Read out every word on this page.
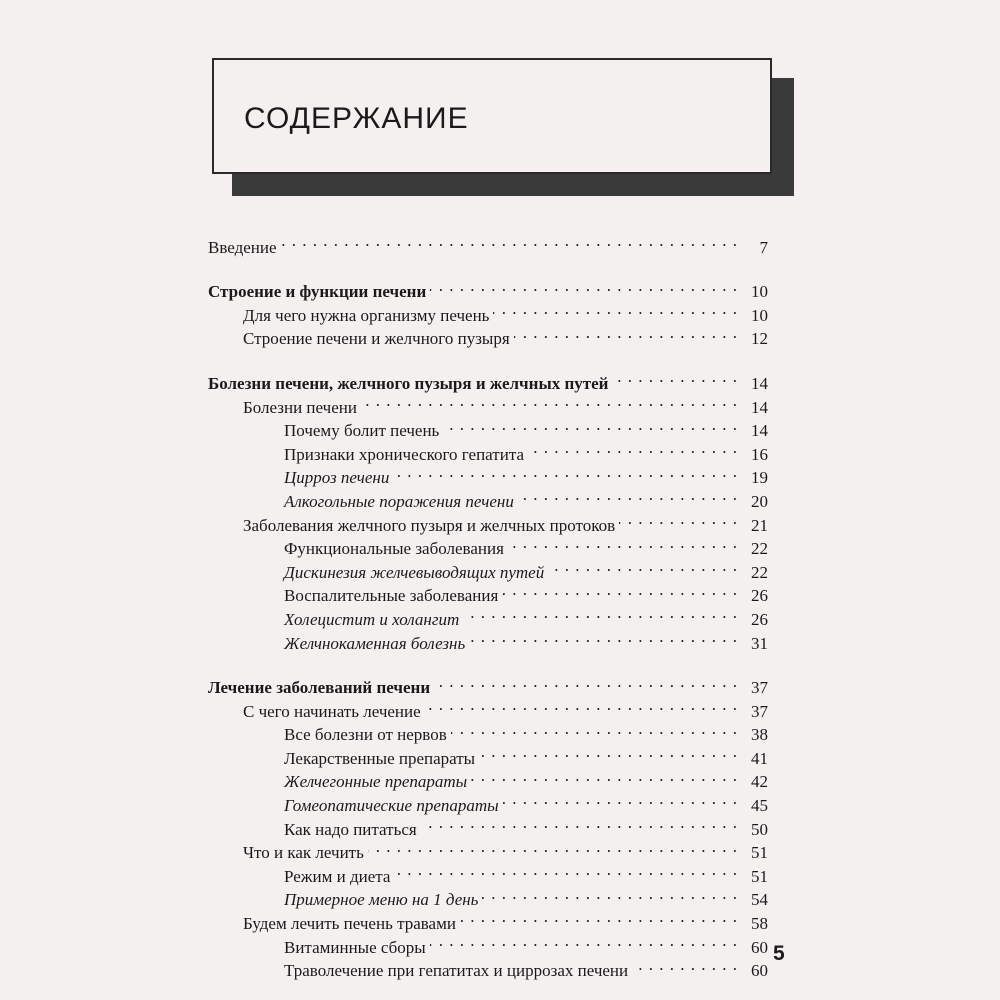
СОДЕРЖАНИЕ
Введение . . .	7
Строение и функции печени . . .	10
Для чего нужна организму печень . . .	10
Строение печени и желчного пузыря . . .	12
Болезни печени, желчного пузыря и желчных путей . . .	14
Болезни печени . . .	14
Почему болит печень . . .	14
Признаки хронического гепатита . . .	16
Цирроз печени . . .	19
Алкогольные поражения печени . . .	20
Заболевания желчного пузыря и желчных протоков . . .	21
Функциональные заболевания . . .	22
Дискинезия желчевыводящих путей . . .	22
Воспалительные заболевания . . .	26
Холецистит и холангит . . .	26
Желчнокаменная болезнь . . .	31
Лечение заболеваний печени . . .	37
С чего начинать лечение . . .	37
Все болезни от нервов . . .	38
Лекарственные препараты . . .	41
Желчегонные препараты . . .	42
Гомеопатические препараты . . .	45
Как надо питаться . . .	50
Что и как лечить . . .	51
Режим и диета . . .	51
Примерное меню на 1 день . . .	54
Будем лечить печень травами . . .	58
Витаминные сборы . . .	60
Траволечение при гепатитах и циррозах печени . . .	60
5
